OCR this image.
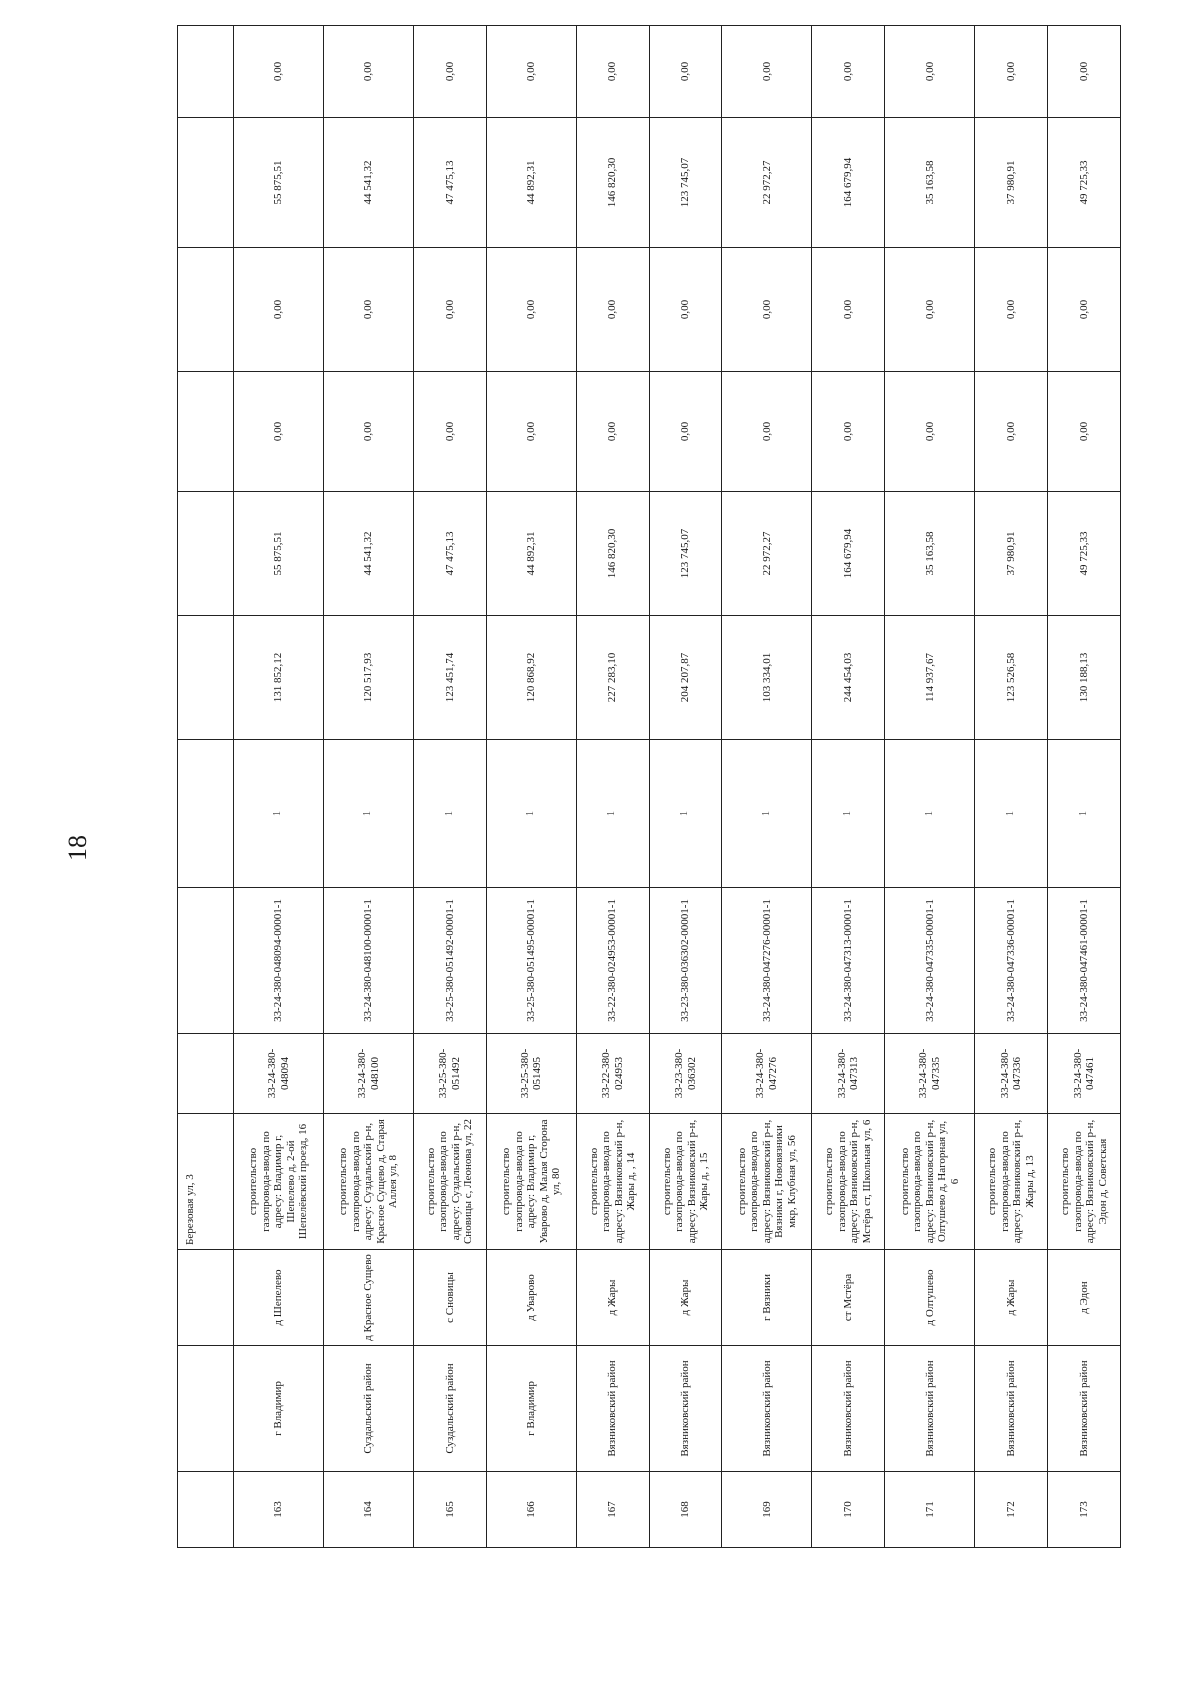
18
			Березовая ул, 3									
163	г Владимир	д Шепелево	строительство газопровода-ввода по адресу: Владимир г, Шепелево д, 2-ой Шепелёвский проезд, 16	33-24-380-048094	33-24-380-048094-00001-1	1	131 852,12	55 875,51	0,00	0,00	55 875,51	0,00
164	Суздальский район	д Красное Сущево	строительство газопровода-ввода по адресу: Суздальский р-н, Красное Сущево д, Старая Аллея ул, 8	33-24-380-048100	33-24-380-048100-00001-1	1	120 517,93	44 541,32	0,00	0,00	44 541,32	0,00
165	Суздальский район	с Сновицы	строительство газопровода-ввода по адресу: Суздальский р-н, Сновицы с, Леонова ул, 22	33-25-380-051492	33-25-380-051492-00001-1	1	123 451,74	47 475,13	0,00	0,00	47 475,13	0,00
166	г Владимир	д Уварово	строительство газопровода-ввода по адресу: Владимир г, Уварово д, Малая Сторона ул, 80	33-25-380-051495	33-25-380-051495-00001-1	1	120 868,92	44 892,31	0,00	0,00	44 892,31	0,00
167	Вязниковский район	д Жары	строительство газопровода-ввода по адресу: Вязниковский р-н, Жары д, , 14	33-22-380-024953	33-22-380-024953-00001-1	1	227 283,10	146 820,30	0,00	0,00	146 820,30	0,00
168	Вязниковский район	д Жары	строительство газопровода-ввода по адресу: Вязниковский р-н, Жары д, , 15	33-23-380-036302	33-23-380-036302-00001-1	1	204 207,87	123 745,07	0,00	0,00	123 745,07	0,00
169	Вязниковский район	г Вязники	строительство газопровода-ввода по адресу: Вязниковский р-н, Вязники г, Нововязники мкр, Клубная ул, 56	33-24-380-047276	33-24-380-047276-00001-1	1	103 334,01	22 972,27	0,00	0,00	22 972,27	0,00
170	Вязниковский район	ст Мстёра	строительство газопровода-ввода по адресу: Вязниковский р-н, Мстёра ст, Школьная ул, 6	33-24-380-047313	33-24-380-047313-00001-1	1	244 454,03	164 679,94	0,00	0,00	164 679,94	0,00
171	Вязниковский район	д Олтушево	строительство газопровода-ввода по адресу: Вязниковский р-н, Олтушево д, Нагорная ул, 6	33-24-380-047335	33-24-380-047335-00001-1	1	114 937,67	35 163,58	0,00	0,00	35 163,58	0,00
172	Вязниковский район	д Жары	строительство газопровода-ввода по адресу: Вязниковский р-н, Жары д, 13	33-24-380-047336	33-24-380-047336-00001-1	1	123 526,58	37 980,91	0,00	0,00	37 980,91	0,00
173	Вязниковский район	д Эдон	строительство газопровода-ввода по адресу: Вязниковский р-н, Эдон д, Советская	33-24-380-047461	33-24-380-047461-00001-1	1	130 188,13	49 725,33	0,00	0,00	49 725,33	0,00
